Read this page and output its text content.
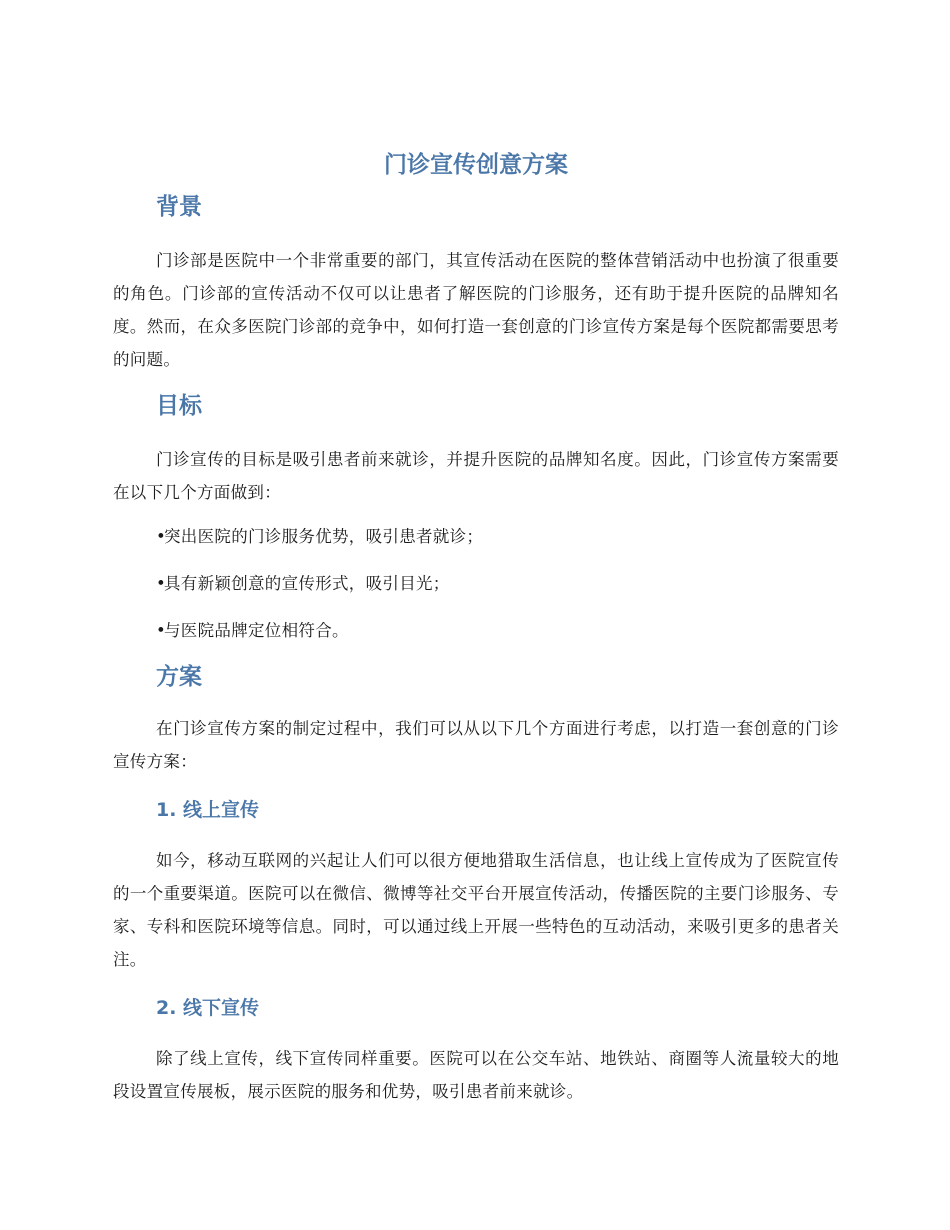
门诊宣传创意方案
背景

门诊部是医院中一个非常重要的部门，其宣传活动在医院的整体营销活动中也扮演了很重要的角色。门诊部的宣传活动不仅可以让患者了解医院的门诊服务，还有助于提升医院的品牌知名度。然而，在众多医院门诊部的竞争中，如何打造一套创意的门诊宣传方案是每个医院都需要思考的问题。

目标

门诊宣传的目标是吸引患者前来就诊，并提升医院的品牌知名度。因此，门诊宣传方案需要在以下几个方面做到：

•突出医院的门诊服务优势，吸引患者就诊；

•具有新颖创意的宣传形式，吸引目光；

•与医院品牌定位相符合。

方案

在门诊宣传方案的制定过程中，我们可以从以下几个方面进行考虑，以打造一套创意的门诊宣传方案：

1. 线上宣传

如今，移动互联网的兴起让人们可以很方便地猎取生活信息，也让线上宣传成为了医院宣传的一个重要渠道。医院可以在微信、微博等社交平台开展宣传活动，传播医院的主要门诊服务、专家、专科和医院环境等信息。同时，可以通过线上开展一些特色的互动活动，来吸引更多的患者关注。

2. 线下宣传

除了线上宣传，线下宣传同样重要。医院可以在公交车站、地铁站、商圈等人流量较大的地段设置宣传展板，展示医院的服务和优势，吸引患者前来就诊。
